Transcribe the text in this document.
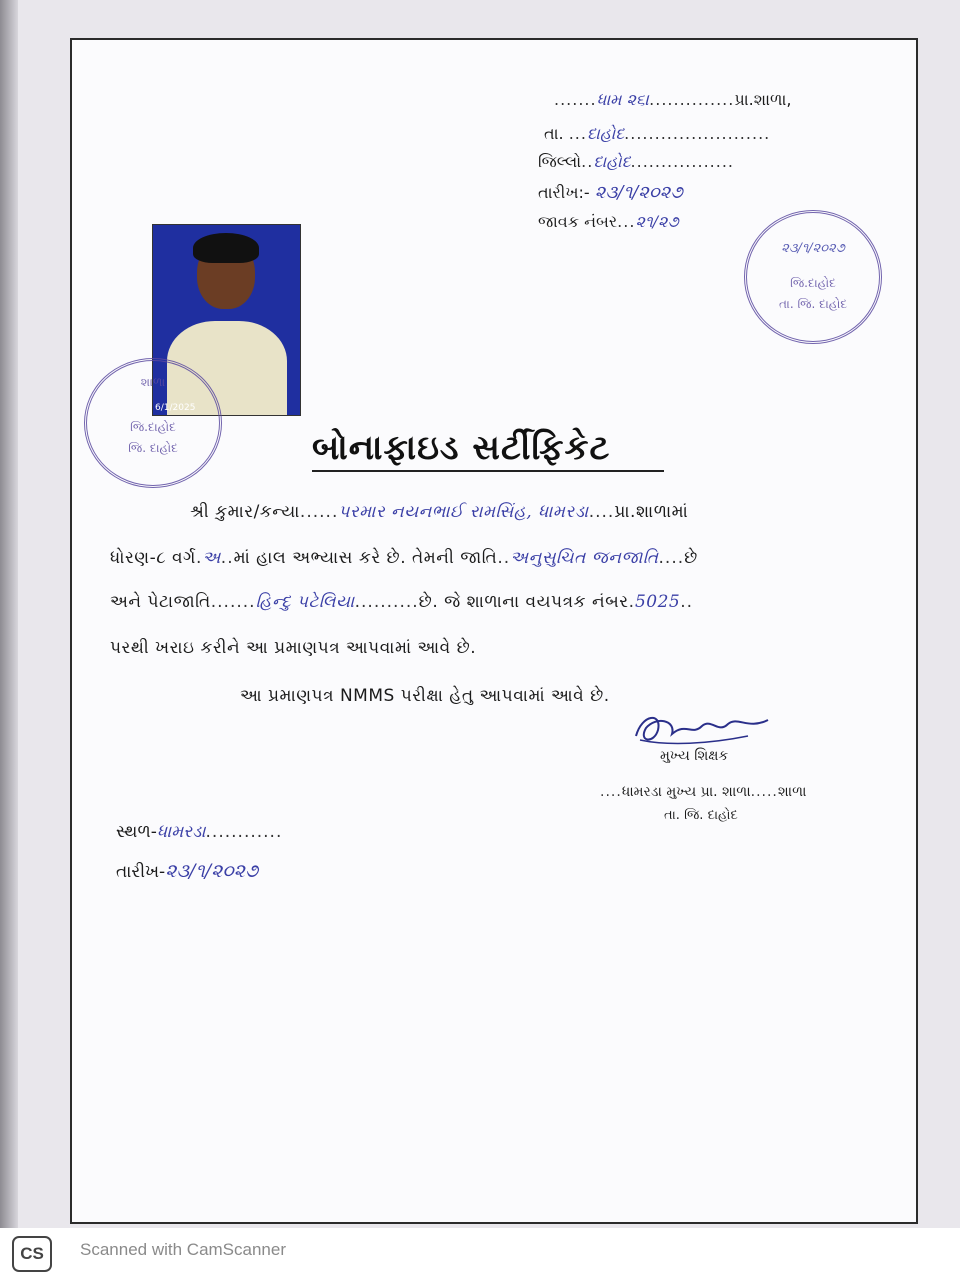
.......ધામ ૨૬।..............પ્રા.શાળા,
તા. ...દાહોદ........................
જિલ્લો..દાહોદ.................
તારીખ:- ૨૩/૧/૨૦૨૭
જાવક નંબર...૨૧/૨૭
૨૩/૧/૨૦૨૭
જિ.દાહોદ
તા. જિ. દાહોદ
6/1/2025
શાળા
જિ.દાહોદ
જિ. દાહોદ	બોનાફાઇડ સર્ટીફિકેટ
શ્રી કુમાર/કન્યા......પરમાર નયનભાઈ રામસિંહ, ધામરડા....પ્રા.શાળામાં
ધોરણ-૮ વર્ગ.અ..માં હાલ અભ્યાસ કરે છે. તેમની જાતિ..અનુસુચિત જનજાતિ....છે
અને પેટાજાતિ.......હિન્દુ પટેલિયા..........છે. જે શાળાના વયપત્રક નંબર.5025..
પરથી ખરાઇ કરીને આ પ્રમાણપત્ર આપવામાં આવે છે.
આ પ્રમાણપત્ર NMMS પરીક્ષા હેતુ આપવામાં આવે છે.
મુખ્ય શિક્ષક
....ધામરડા મુખ્ય પ્રા. શાળા.....શાળા
તા. જિ. દાહોદ
સ્થળ-ધામરડા............
તારીખ-૨૩/૧/૨૦૨૭
CS	Scanned with CamScanner
